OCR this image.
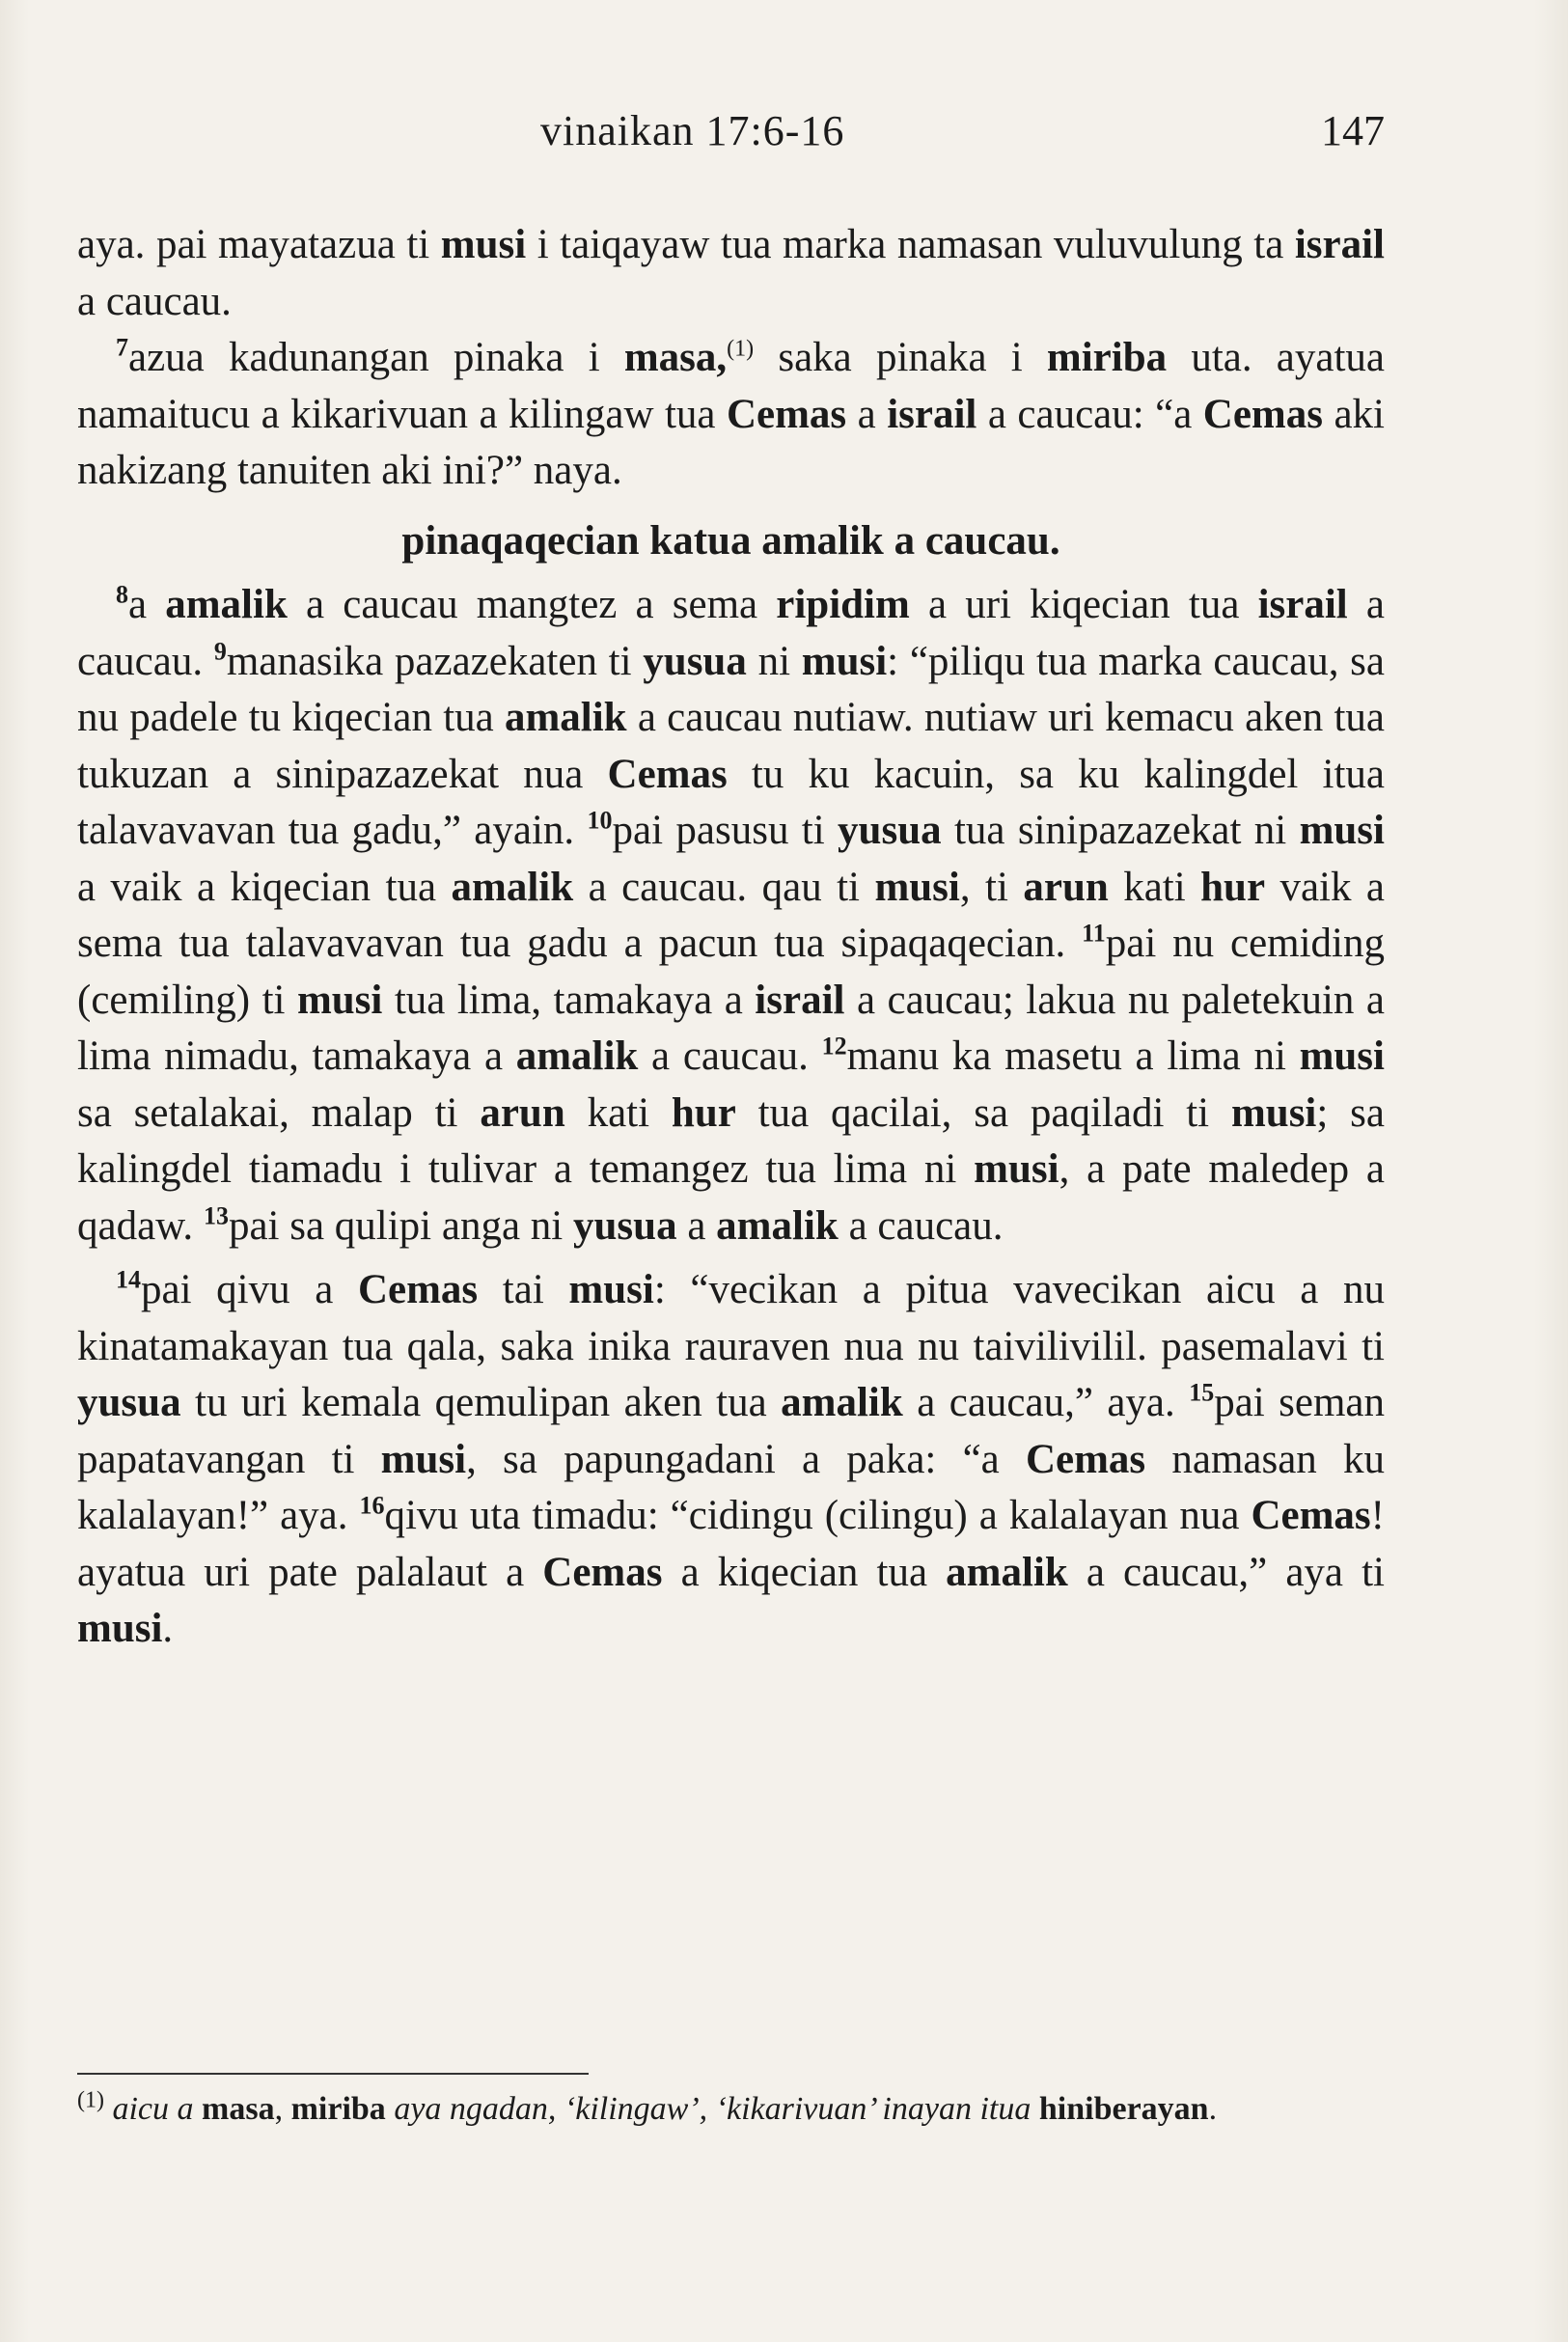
vinaikan 17:6-16	147

aya. pai mayatazua ti musi i taiqayaw tua marka namasan vuluvulung ta israil a caucau.

$^7$azua kadunangan pinaka i masa,$^{(1)}$ saka pinaka i miriba uta. ayatua namaitucu a kikarivuan a kilingaw tua Cemas a israil a caucau: “a Cemas aki nakizang tanuiten aki ini?” naya.

pinaqaqecian katua amalik a caucau.

$^8$a amalik a caucau mangtez a sema ripidim a uri kiqecian tua israil a caucau. $^9$manasika pazazekaten ti yusua ni musi: “piliqu tua marka caucau, sa nu padele tu kiqecian tua amalik a caucau nutiaw. nutiaw uri kemacu aken tua tukuzan a sinipazazekat nua Cemas tu ku kacuin, sa ku kalingdel itua talavavavan tua gadu,” ayain. $^{10}$pai pasusu ti yusua tua sinipazazekat ni musi a vaik a kiqecian tua amalik a caucau. qau ti musi, ti arun kati hur vaik a sema tua talavavavan tua gadu a pacun tua sipaqaqecian. $^{11}$pai nu cemiding (cemiling) ti musi tua lima, tamakaya a israil a caucau; lakua nu paletekuin a lima nimadu, tamakaya a amalik a caucau. $^{12}$manu ka masetu a lima ni musi sa setalakai, malap ti arun kati hur tua qacilai, sa paqiladi ti musi; sa kalingdel tiamadu i tulivar a temangez tua lima ni musi, a pate maledep a qadaw. $^{13}$pai sa qulipi anga ni yusua a amalik a caucau.

$^{14}$pai qivu a Cemas tai musi: “vecikan a pitua vavecikan aicu a nu kinatamakayan tua qala, saka inika rauraven nua nu taivilivilil. pasemalavi ti yusua tu uri kemala qemulipan aken tua amalik a caucau,” aya. $^{15}$pai seman papatavangan ti musi, sa papungadani a paka: “a Cemas namasan ku kalalayan!” aya. $^{16}$qivu uta timadu: “cidingu (cilingu) a kalalayan nua Cemas! ayatua uri pate palalaut a Cemas a kiqecian tua amalik a caucau,” aya ti musi.

$^{(1)}$ aicu a masa, miriba aya ngadan, ‘kilingaw’, ‘kikarivuan’ inayan itua hiniberayan.
